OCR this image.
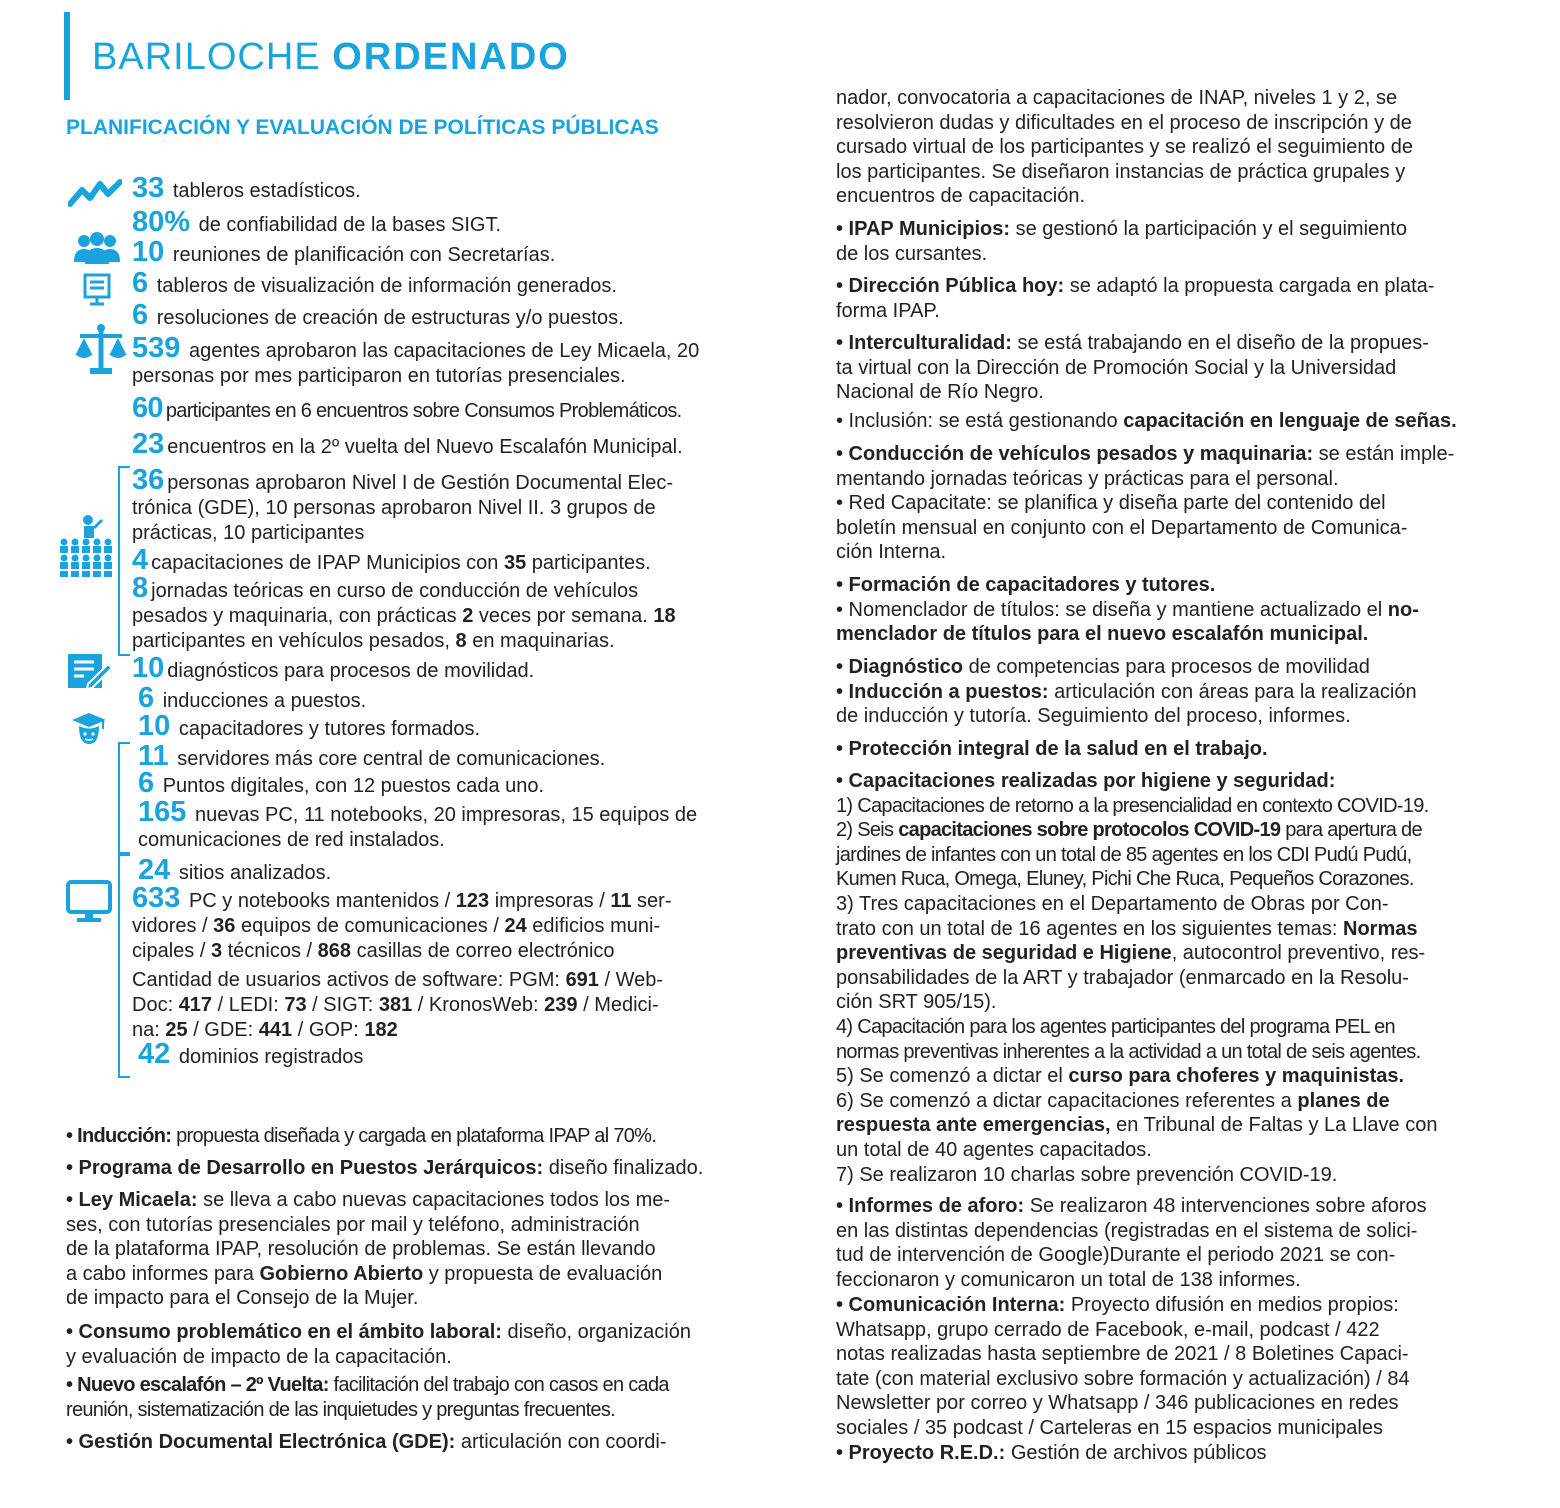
BARILOCHE ORDENADO
PLANIFICACIÓN Y EVALUACIÓN DE POLÍTICAS PÚBLICAS
33 tableros estadísticos.
80% de confiabilidad de la bases SIGT.
10 reuniones de planificación con Secretarías.
6 tableros de visualización de información generados.
6 resoluciones de creación de estructuras y/o puestos.
539 agentes aprobaron las capacitaciones de Ley Micaela, 20
personas por mes participaron en tutorías presenciales.
60 participantes en 6 encuentros sobre Consumos Problemáticos.
23 encuentros en la 2º vuelta del Nuevo Escalafón Municipal.
36 personas aprobaron Nivel I de Gestión Documental Elec-
trónica (GDE), 10 personas aprobaron Nivel II. 3 grupos de
prácticas, 10 participantes
4 capacitaciones de IPAP Municipios con 35 participantes.
8 jornadas teóricas en curso de conducción de vehículos
pesados y maquinaria, con prácticas 2 veces por semana. 18
participantes en vehículos pesados, 8 en maquinarias.
10 diagnósticos para procesos de movilidad.
6 inducciones a puestos.
10 capacitadores y tutores formados.
11 servidores más core central de comunicaciones.
6 Puntos digitales, con 12 puestos cada uno.
165 nuevas PC, 11 notebooks, 20 impresoras, 15 equipos de
comunicaciones de red instalados.
24 sitios analizados.
633 PC y notebooks mantenidos / 123 impresoras / 11 ser-
vidores / 36 equipos de comunicaciones / 24 edificios muni-
cipales / 3 técnicos / 868 casillas de correo electrónico
Cantidad de usuarios activos de software: PGM: 691 / Web-
Doc: 417 / LEDI: 73 / SIGT: 381 / KronosWeb: 239 / Medici-
na: 25 / GDE: 441 / GOP: 182
42 dominios registrados
• Inducción: propuesta diseñada y cargada en plataforma IPAP al 70%.
• Programa de Desarrollo en Puestos Jerárquicos: diseño finalizado.
• Ley Micaela: se lleva a cabo nuevas capacitaciones todos los me-
ses, con tutorías presenciales por mail y teléfono, administración
de la plataforma IPAP, resolución de problemas. Se están llevando
a cabo informes para Gobierno Abierto y propuesta de evaluación
de impacto para el Consejo de la Mujer.
• Consumo problemático en el ámbito laboral: diseño, organización
y evaluación de impacto de la capacitación.
• Nuevo escalafón – 2º Vuelta: facilitación del trabajo con casos en cada
reunión, sistematización de las inquietudes y preguntas frecuentes.
• Gestión Documental Electrónica (GDE): articulación con coordi-
nador, convocatoria a capacitaciones de INAP, niveles 1 y 2, se
resolvieron dudas y dificultades en el proceso de inscripción y de
cursado virtual de los participantes y se realizó el seguimiento de
los participantes. Se diseñaron instancias de práctica grupales y
encuentros de capacitación.
• IPAP Municipios: se gestionó la participación y el seguimiento
de los cursantes.
• Dirección Pública hoy: se adaptó la propuesta cargada en plata-
forma IPAP.
• Interculturalidad: se está trabajando en el diseño de la propues-
ta virtual con la Dirección de Promoción Social y la Universidad
Nacional de Río Negro.
• Inclusión: se está gestionando capacitación en lenguaje de señas.
• Conducción de vehículos pesados y maquinaria: se están imple-
mentando jornadas teóricas y prácticas para el personal.
• Red Capacitate: se planifica y diseña parte del contenido del
boletín mensual en conjunto con el Departamento de Comunica-
ción Interna.
• Formación de capacitadores y tutores.
• Nomenclador de títulos: se diseña y mantiene actualizado el no-
menclador de títulos para el nuevo escalafón municipal.
• Diagnóstico de competencias para procesos de movilidad
• Inducción a puestos: articulación con áreas para la realización
de inducción y tutoría. Seguimiento del proceso, informes.
• Protección integral de la salud en el trabajo.
• Capacitaciones realizadas por higiene y seguridad:
1) Capacitaciones de retorno a la presencialidad en contexto COVID-19.
2) Seis capacitaciones sobre protocolos COVID-19 para apertura de
jardines de infantes con un total de 85 agentes en los CDI Pudú Pudú,
Kumen Ruca, Omega, Eluney, Pichi Che Ruca, Pequeños Corazones.
3) Tres capacitaciones en el Departamento de Obras por Con-
trato con un total de 16 agentes en los siguientes temas: Normas
preventivas de seguridad e Higiene, autocontrol preventivo, res-
ponsabilidades de la ART y trabajador (enmarcado en la Resolu-
ción SRT 905/15).
4) Capacitación para los agentes participantes del programa PEL en
normas preventivas inherentes a la actividad a un total de seis agentes.
5) Se comenzó a dictar el curso para choferes y maquinistas.
6) Se comenzó a dictar capacitaciones referentes a planes de
respuesta ante emergencias, en Tribunal de Faltas y La Llave con
un total de 40 agentes capacitados.
7) Se realizaron 10 charlas sobre prevención COVID-19.
• Informes de aforo: Se realizaron 48 intervenciones sobre aforos
en las distintas dependencias (registradas en el sistema de solici-
tud de intervención de Google)Durante el periodo 2021 se con-
feccionaron y comunicaron un total de 138 informes.
• Comunicación Interna: Proyecto difusión en medios propios:
Whatsapp, grupo cerrado de Facebook, e-mail, podcast / 422
notas realizadas hasta septiembre de 2021 / 8 Boletines Capaci-
tate (con material exclusivo sobre formación y actualización) / 84
Newsletter por correo y Whatsapp / 346 publicaciones en redes
sociales / 35 podcast / Carteleras en 15 espacios municipales
• Proyecto R.E.D.: Gestión de archivos públicos
